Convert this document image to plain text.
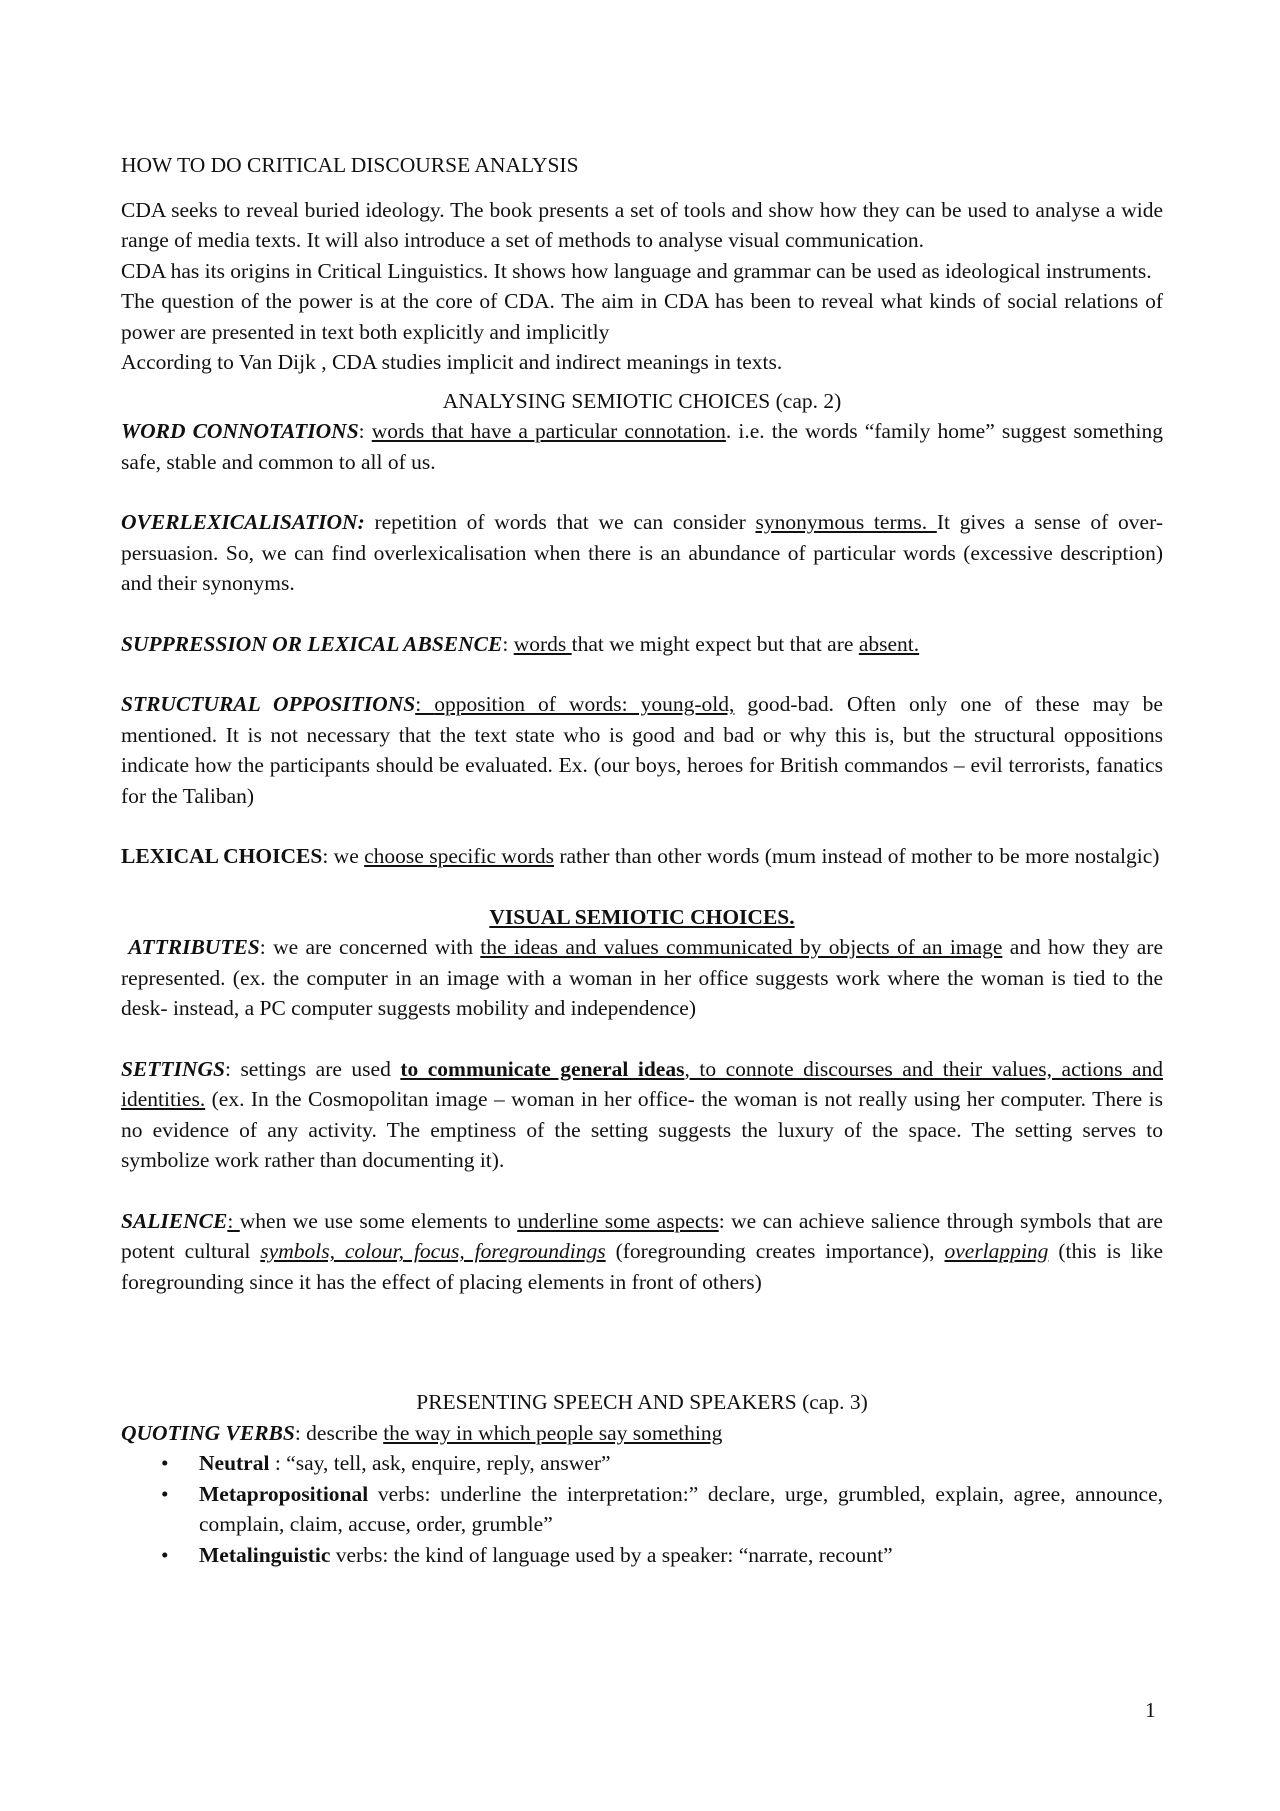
HOW TO DO CRITICAL DISCOURSE ANALYSIS

CDA seeks to reveal buried ideology. The book presents a set of tools and show how they can be used to analyse a wide range of media texts. It will also introduce a set of methods to analyse visual communication.

CDA has its origins in Critical Linguistics. It shows how language and grammar can be used as ideological instruments.

The question of the power is at the core of CDA. The aim in CDA has been to reveal what kinds of social relations of power are presented in text both explicitly and implicitly

According to Van Dijk , CDA studies implicit and indirect meanings in texts.

ANALYSING SEMIOTIC CHOICES (cap. 2)

WORD CONNOTATIONS: words that have a particular connotation. i.e. the words “family home” suggest something safe, stable and common to all of us.

OVERLEXICALISATION: repetition of words that we can consider synonymous terms. It gives a sense of over-persuasion. So, we can find overlexicalisation when there is an abundance of particular words (excessive description) and their synonyms.

SUPPRESSION OR LEXICAL ABSENCE: words that we might expect but that are absent.

STRUCTURAL OPPOSITIONS: opposition of words: young-old, good-bad. Often only one of these may be mentioned. It is not necessary that the text state who is good and bad or why this is, but the structural oppositions indicate how the participants should be evaluated. Ex. (our boys, heroes for British commandos – evil terrorists, fanatics for the Taliban)

LEXICAL CHOICES: we choose specific words rather than other words (mum instead of mother to be more nostalgic)

VISUAL SEMIOTIC CHOICES.

ATTRIBUTES: we are concerned with the ideas and values communicated by objects of an image and how they are represented. (ex. the computer in an image with a woman in her office suggests work where the woman is tied to the desk- instead, a PC computer suggests mobility and independence)

SETTINGS: settings are used to communicate general ideas, to connote discourses and their values, actions and identities. (ex. In the Cosmopolitan image – woman in her office- the woman is not really using her computer. There is no evidence of any activity. The emptiness of the setting suggests the luxury of the space. The setting serves to symbolize work rather than documenting it).

SALIENCE: when we use some elements to underline some aspects: we can achieve salience through symbols that are potent cultural symbols, colour, focus, foregroundings (foregrounding creates importance), overlapping (this is like foregrounding since it has the effect of placing elements in front of others)

PRESENTING SPEECH AND SPEAKERS (cap. 3)

QUOTING VERBS: describe the way in which people say something

• Neutral : “say, tell, ask, enquire, reply, answer”
• Metapropositional verbs: underline the interpretation:” declare, urge, grumbled, explain, agree, announce, complain, claim, accuse, order, grumble”
• Metalinguistic verbs: the kind of language used by a speaker: “narrate, recount”
1
